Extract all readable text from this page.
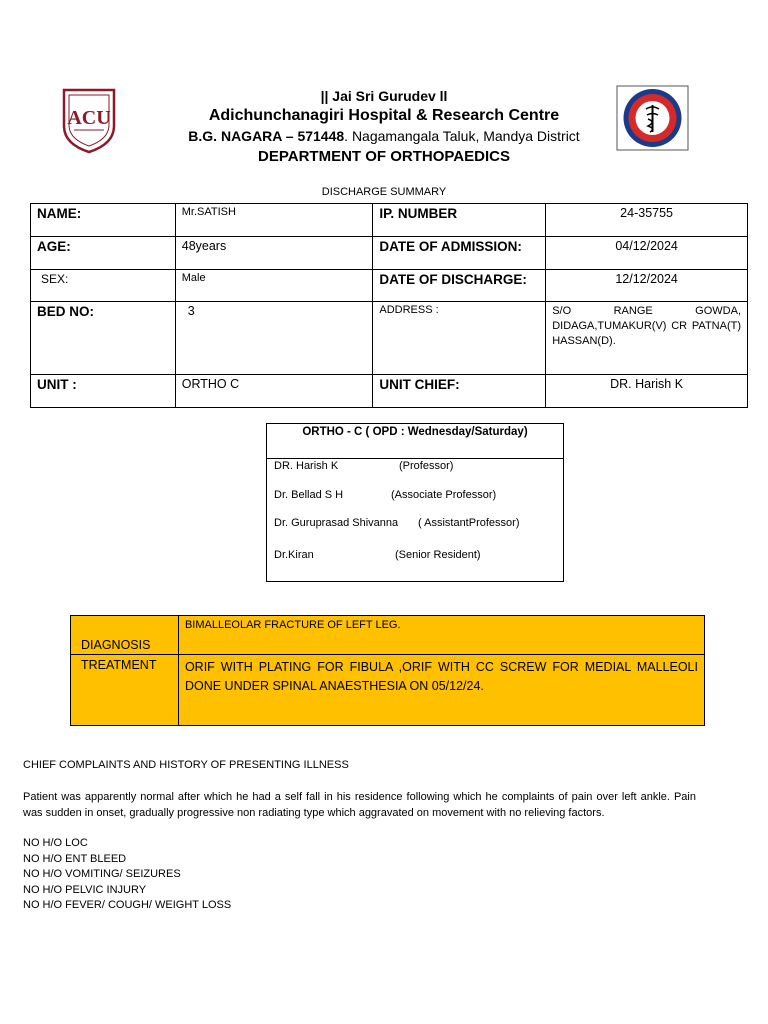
ACU
|| Jai Sri Gurudev ll
Adichunchanagiri Hospital & Research Centre
B.G. NAGARA – 571448. Nagamangala Taluk, Mandya District
DEPARTMENT OF ORTHOPAEDICS
DISCHARGE SUMMARY
NAME:	Mr.SATISH	IP. NUMBER	24-35755
AGE:	48years	DATE OF ADMISSION:	04/12/2024
SEX:	Male	DATE OF DISCHARGE:	12/12/2024
BED NO:	3	ADDRESS :	S/O RANGE GOWDA, DIDAGA,TUMAKUR(V) CR PATNA(T) HASSAN(D).
UNIT :	ORTHO C	UNIT CHIEF:	DR. Harish K
ORTHO - C ( OPD : Wednesday/Saturday)
DR. Harish K	(Professor)
Dr. Bellad S H	(Associate Professor)
Dr. Guruprasad Shivanna ( AssistantProfessor)
Dr.Kiran	(Senior Resident)
DIAGNOSIS	BIMALLEOLAR FRACTURE OF LEFT LEG.
TREATMENT	ORIF WITH PLATING FOR FIBULA ,ORIF WITH CC SCREW FOR MEDIAL MALLEOLI DONE UNDER SPINAL ANAESTHESIA ON 05/12/24.
CHIEF COMPLAINTS AND HISTORY OF PRESENTING ILLNESS
Patient was apparently normal after which he had a self fall in his residence following which he complaints of pain over left ankle. Pain was sudden in onset, gradually progressive non radiating type which aggravated on movement with no relieving factors.
NO H/O LOC
NO H/O ENT BLEED
NO H/O VOMITING/ SEIZURES
NO H/O PELVIC INJURY
NO H/O FEVER/ COUGH/ WEIGHT LOSS
